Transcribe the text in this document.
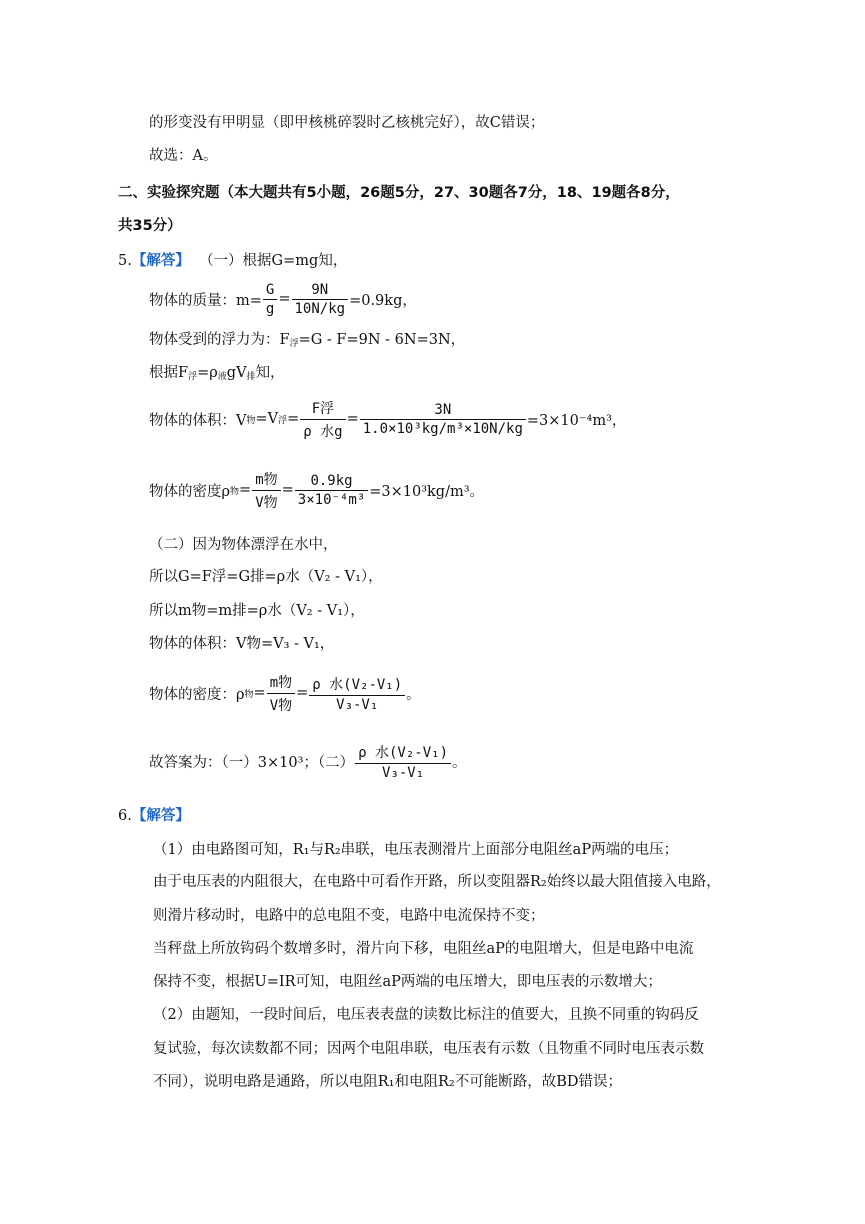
的形变没有甲明显（即甲核桃碎裂时乙核桃完好），故C错误；
故选：A。
二、实验探究题（本大题共有5小题，26题5分，27、30题各7分，18、19题各8分，
共35分）
5.【解答】 （一）根据G=mg知，
物体的质量：$m= \frac{G}{g} = \frac{9N}{10N/kg} =0.9kg$，
物体受到的浮力为：$F_浮=G - F=9N - 6N=3N$，
根据$F_浮=\rho_液gV_排$知，
物体的体积：V 物 =V 浮 = $\frac{\text{F浮}}{\text{ρ 水g}} = \frac{3N}{\text{1.0×10³kg/m³×10N/kg}} =3\times 10^{-4}m^3$，
物体的密度ρ 物 = $\frac{\text{m物}}{\text{V物}} = \frac{0.9kg}{\text{3×10⁻⁴m³}} =3\times 10^3kg/m^3$。
（二）因为物体漂浮在水中，
所以G=F浮=G排=ρ水（V₂ - V₁），
所以m物=m排=ρ水（V₂ - V₁），
物体的体积：V物=V₃ - V₁，
物体的密度：ρ 物 = $\frac{\text{m物}}{\text{V物}} = \frac{\text{ρ 水(V₂-V₁)}}{\text{V₃-V₁}}$ 。
故答案为：（一）3×10³；（二） $\frac{\text{ρ 水(V₂-V₁)}}{\text{V₃-V₁}}$ 。
6.【解答】
（1）由电路图可知，R₁与R₂串联，电压表测滑片上面部分电阻丝aP两端的电压；
由于电压表的内阻很大，在电路中可看作开路，所以变阻器R₂始终以最大阻值接入电路，
则滑片移动时，电路中的总电阻不变，电路中电流保持不变；
当秤盘上所放钩码个数增多时，滑片向下移，电阻丝aP的电阻增大，但是电路中电流
保持不变，根据U=IR可知，电阻丝aP两端的电压增大，即电压表的示数增大；
（2）由题知，一段时间后，电压表表盘的读数比标注的值要大，且换不同重的钩码反
复试验，每次读数都不同；因两个电阻串联，电压表有示数（且物重不同时电压表示数
不同），说明电路是通路，所以电阻R₁和电阻R₂不可能断路，故BD错误；
